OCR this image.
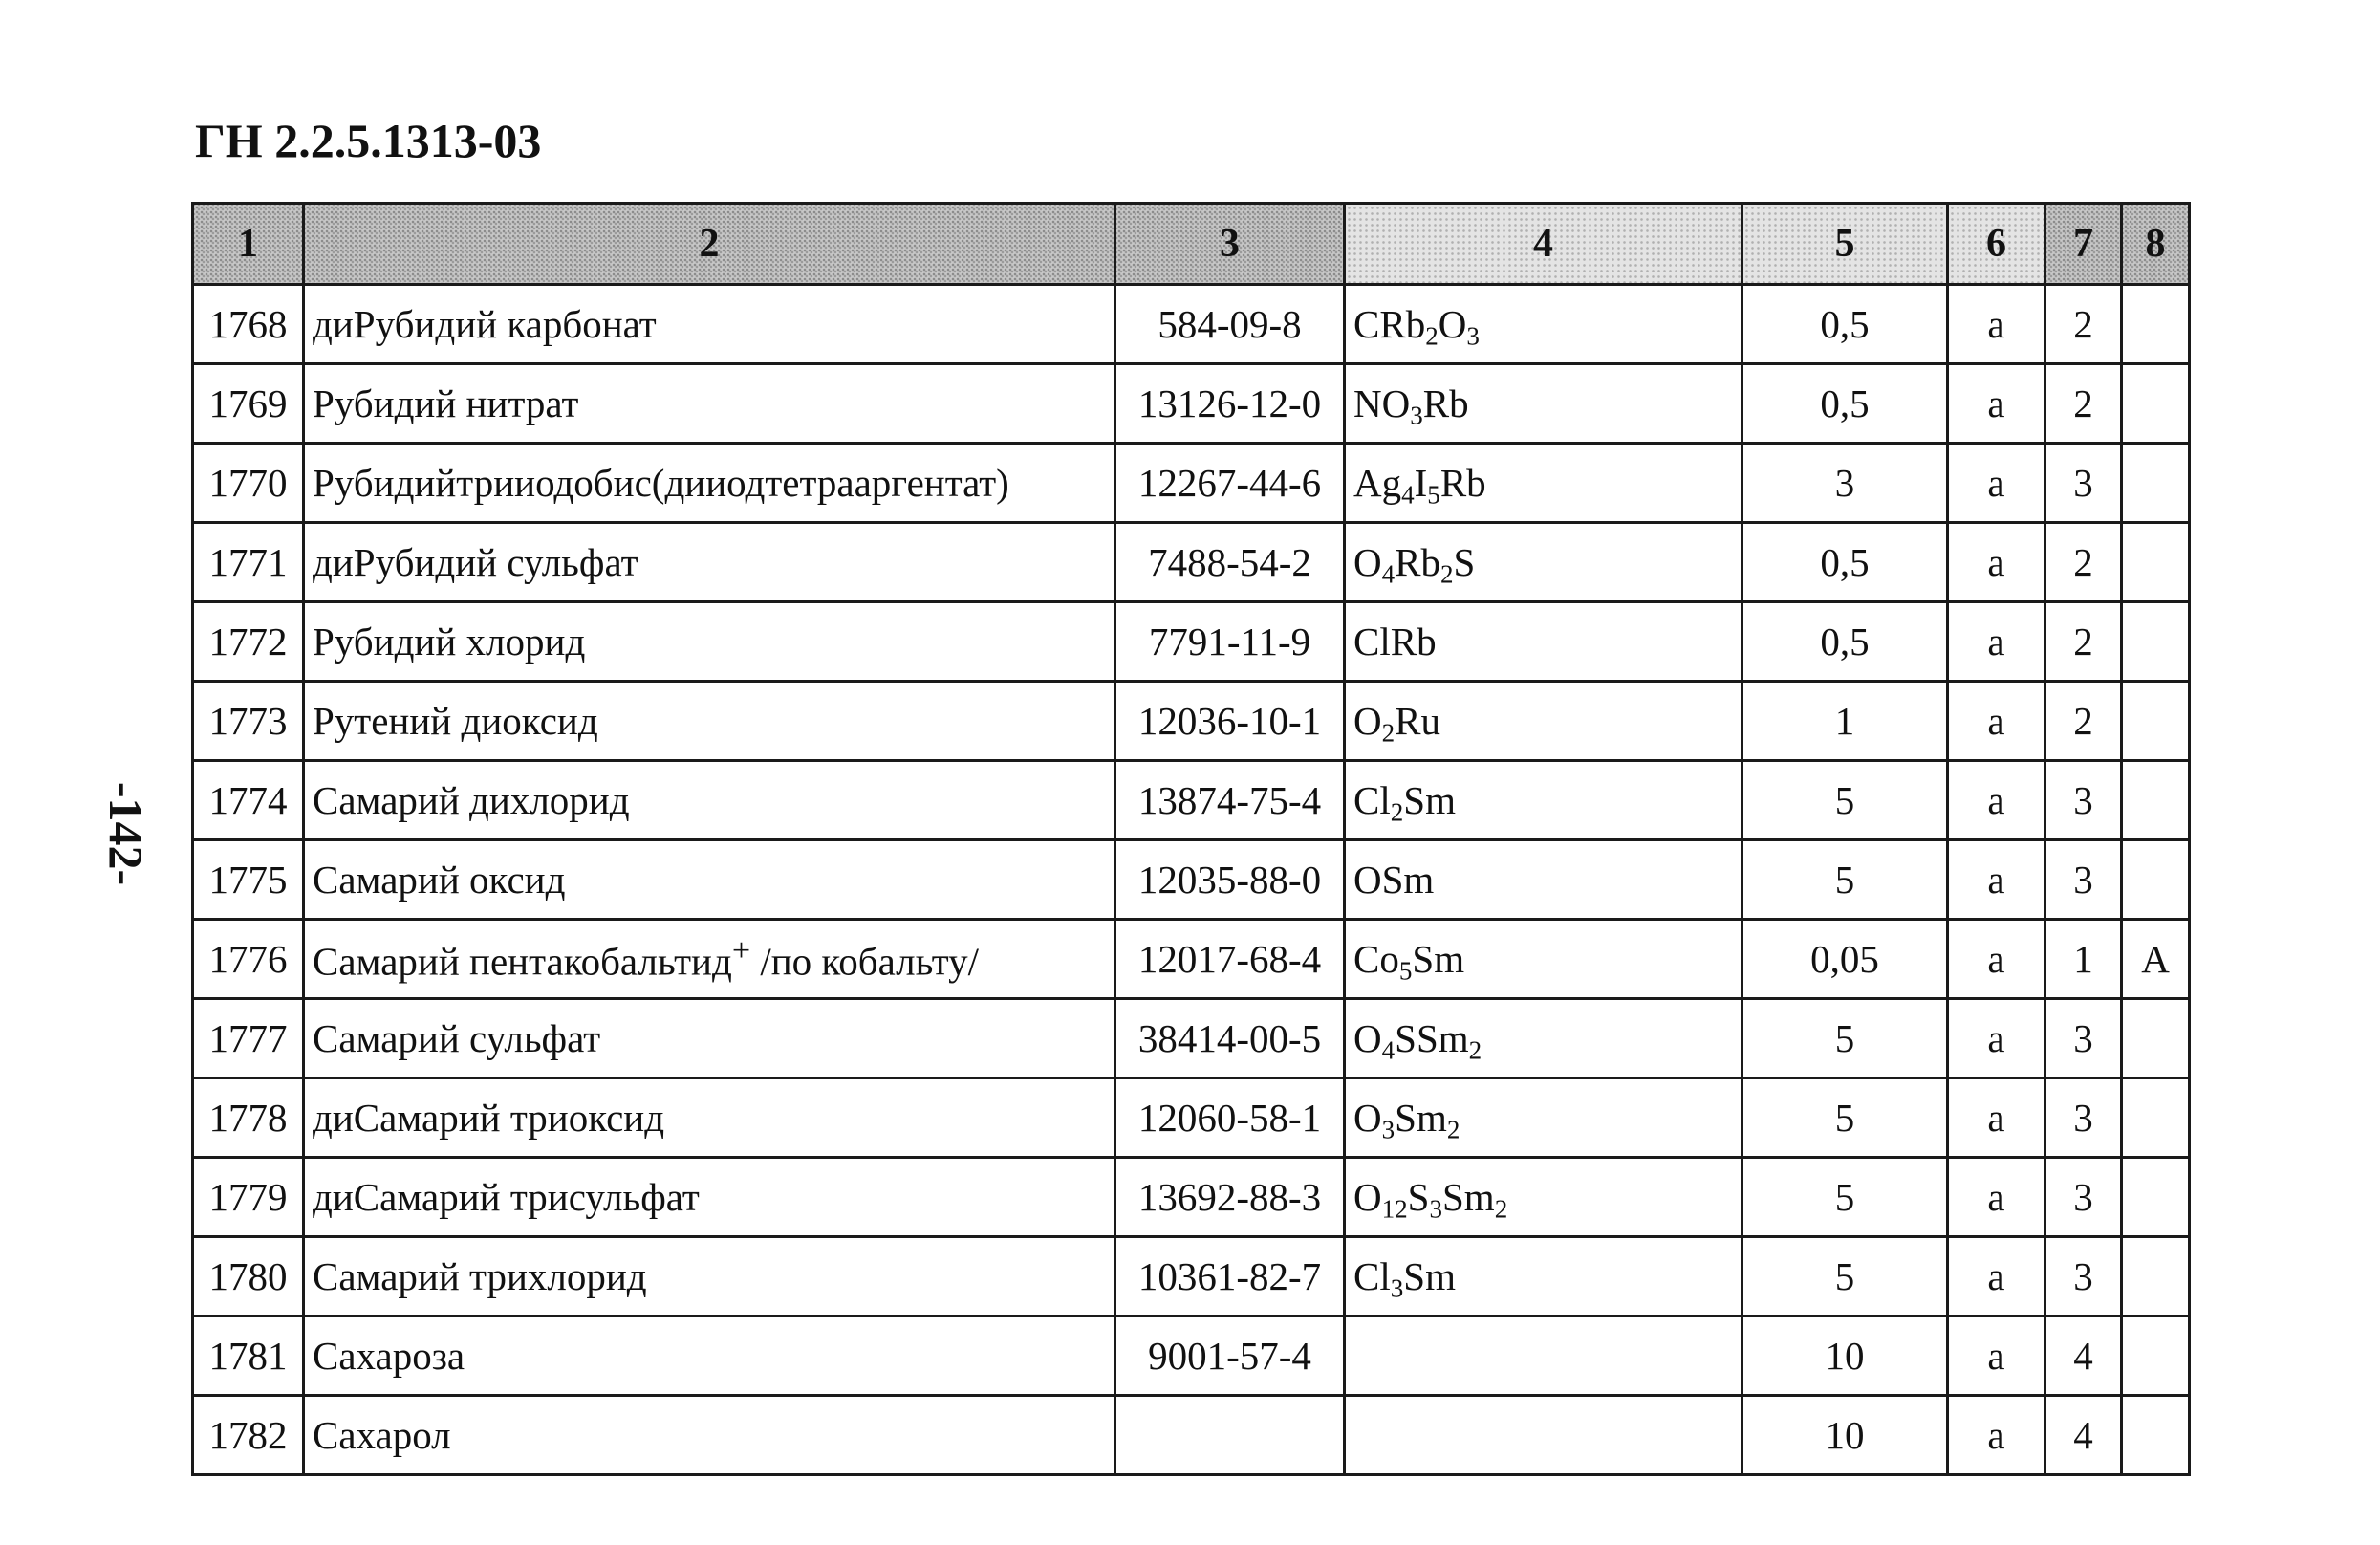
ГН 2.2.5.1313-03
-142-
1	2	3	4	5	6	7	8
1768	диРубидий карбонат	584-09-8	$CRb_2O_3$	0,5	a	2	
1769	Рубидий нитрат	13126-12-0	$NO_3Rb$	0,5	a	2	
1770	Рубидийтрииодобис(дииодтетрааргентат)	12267-44-6	$Ag_4I_5Rb$	3	a	3	
1771	диРубидий сульфат	7488-54-2	$O_4Rb_2S$	0,5	a	2	
1772	Рубидий хлорид	7791-11-9	ClRb	0,5	a	2	
1773	Рутений диоксид	12036-10-1	$O_2Ru$	1	a	2	
1774	Самарий дихлорид	13874-75-4	$Cl_2Sm$	5	a	3	
1775	Самарий оксид	12035-88-0	OSm	5	a	3	
1776	Самарий пентакобальтид+ /по кобальту/	12017-68-4	$Co_5Sm$	0,05	a	1	A
1777	Самарий сульфат	38414-00-5	$O_4SSm_2$	5	a	3	
1778	диСамарий триоксид	12060-58-1	$O_3Sm_2$	5	a	3	
1779	диСамарий трисульфат	13692-88-3	$O_{12}S_3Sm_2$	5	a	3	
1780	Самарий трихлорид	10361-82-7	$Cl_3Sm$	5	a	3	
1781	Сахароза	9001-57-4		10	a	4	
1782	Сахарол			10	a	4	
